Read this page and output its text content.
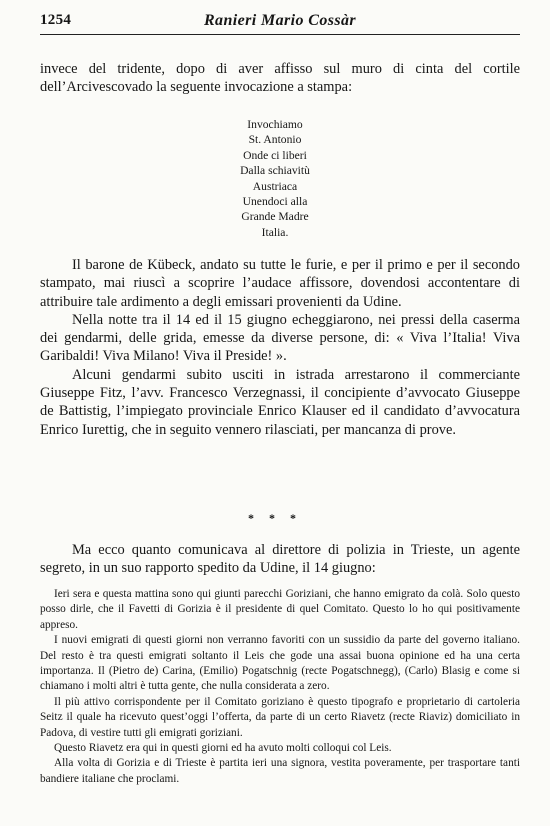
1254	Ranieri Mario Cossàr

invece del tridente, dopo di aver affisso sul muro di cinta del cortile dell’Arcivescovado la seguente invocazione a stampa:

Invochiamo
St. Antonio
Onde ci liberi
Dalla schiavitù
Austriaca
Unendoci alla
Grande Madre
Italia.

Il barone de Kübeck, andato su tutte le furie, e per il primo e per il secondo stampato, mai riuscì a scoprire l’audace affissore, dovendosi accontentare di attribuire tale ardimento a degli emissari provenienti da Udine.

Nella notte tra il 14 ed il 15 giugno echeggiarono, nei pressi della caserma dei gendarmi, delle grida, emesse da diverse persone, di: « Viva l’Italia! Viva Garibaldi! Viva Milano! Viva il Preside! ».

Alcuni gendarmi subito usciti in istrada arrestarono il commerciante Giuseppe Fitz, l’avv. Francesco Verzegnassi, il concipiente d’avvocato Giuseppe de Battistig, l’impiegato provinciale Enrico Klauser ed il candidato d’avvocatura Enrico Iurettig, che in seguito vennero rilasciati, per mancanza di prove.

* * *

Ma ecco quanto comunicava al direttore di polizia in Trieste, un agente segreto, in un suo rapporto spedito da Udine, il 14 giugno:

Ieri sera e questa mattina sono qui giunti parecchi Goriziani, che hanno emigrato da colà. Solo questo posso dirle, che il Favetti di Gorizia è il presidente di quel Comitato. Questo lo ho qui positivamente appreso.

I nuovi emigrati di questi giorni non verranno favoriti con un sussidio da parte del governo italiano. Del resto è tra questi emigrati soltanto il Leis che gode una assai buona opinione ed ha una certa importanza. Il (Pietro de) Carina, (Emilio) Pogatschnig (recte Pogatschnegg), (Carlo) Blasig e come si chiamano i molti altri è tutta gente, che nulla considerata a zero.

Il più attivo corrispondente per il Comitato goriziano è questo tipografo e proprietario di cartoleria Seitz il quale ha ricevuto quest’oggi l’offerta, da parte di un certo Riavetz (recte Riaviz) domiciliato in Padova, di vestire tutti gli emigrati goriziani.

Questo Riavetz era qui in questi giorni ed ha avuto molti colloqui col Leis.

Alla volta di Gorizia e di Trieste è partita ieri una signora, vestita poveramente, per trasportare tanti bandiere italiane che proclami.
